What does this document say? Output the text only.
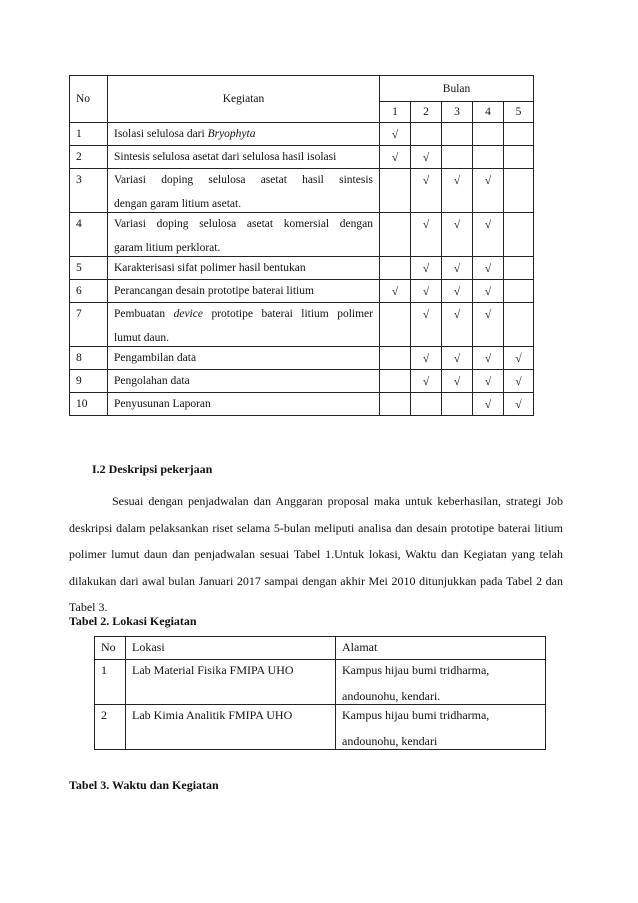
No	Kegiatan	Bulan				
		1	2	3	4	5
1	Isolasi selulosa dari Bryophyta	√				
2	Sintesis selulosa asetat dari selulosa hasil isolasi	√	√			
3	Variasi doping selulosa asetat hasil sintesis
dengan garam litium asetat.		√	√	√	
4	Variasi doping selulosa asetat komersial dengan
garam litium perklorat.		√	√	√	
5	Karakterisasi sifat polimer hasil bentukan		√	√	√	
6	Perancangan desain prototipe baterai litium	√	√	√	√	
7	Pembuatan device prototipe baterai litium polimer
lumut daun.		√	√	√	
8	Pengambilan data		√	√	√	√
9	Pengolahan data		√	√	√	√
10	Penyusunan Laporan				√	√
I.2 Deskripsi pekerjaan
Sesuai dengan penjadwalan dan Anggaran proposal maka untuk keberhasilan, strategi Job deskripsi dalam pelaksankan riset selama 5-bulan meliputi analisa dan desain prototipe baterai litium polimer lumut daun dan penjadwalan sesuai Tabel 1.Untuk lokasi, Waktu dan Kegiatan yang telah dilakukan dari awal bulan Januari 2017 sampai dengan akhir Mei 2010 ditunjukkan pada Tabel 2 dan Tabel 3.
Tabel 2. Lokasi Kegiatan
No	Lokasi	Alamat
1	Lab Material Fisika FMIPA UHO	Kampus hijau bumi tridharma,
andounohu, kendari.

2	Lab Kimia Analitik FMIPA UHO	Kampus hijau bumi tridharma,
andounohu, kendari
Tabel 3. Waktu dan Kegiatan
